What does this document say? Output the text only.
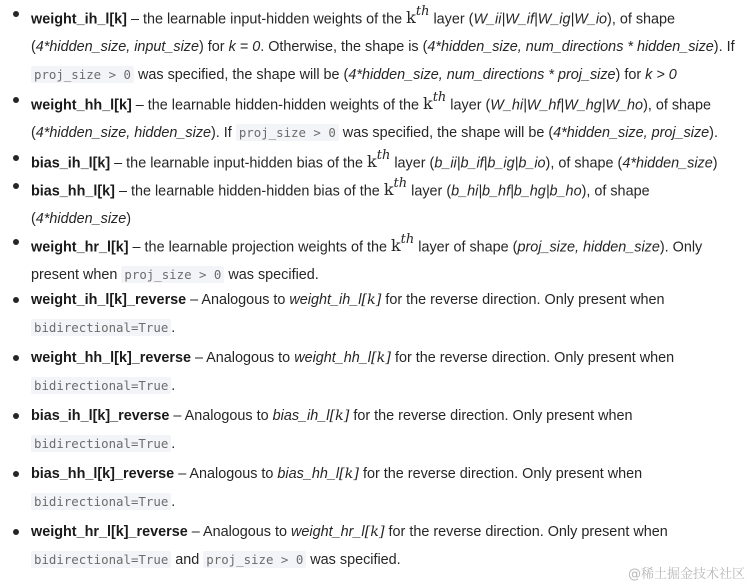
weight_ih_l[k] – the learnable input-hidden weights of the $k^{th}$ layer (W_ii|W_if|W_ig|W_io), of shape (4*hidden_size, input_size) for k = 0. Otherwise, the shape is (4*hidden_size, num_directions * hidden_size). If proj_size > 0 was specified, the shape will be (4*hidden_size, num_directions * proj_size) for k > 0
weight_hh_l[k] – the learnable hidden-hidden weights of the $k^{th}$ layer (W_hi|W_hf|W_hg|W_ho), of shape (4*hidden_size, hidden_size). If proj_size > 0 was specified, the shape will be (4*hidden_size, proj_size).
bias_ih_l[k] – the learnable input-hidden bias of the $k^{th}$ layer (b_ii|b_if|b_ig|b_io), of shape (4*hidden_size)
bias_hh_l[k] – the learnable hidden-hidden bias of the $k^{th}$ layer (b_hi|b_hf|b_hg|b_ho), of shape (4*hidden_size)
weight_hr_l[k] – the learnable projection weights of the $k^{th}$ layer of shape (proj_size, hidden_size). Only present when proj_size > 0 was specified.
weight_ih_l[k]_reverse – Analogous to weight_ih_l[k] for the reverse direction. Only present when bidirectional=True .
weight_hh_l[k]_reverse – Analogous to weight_hh_l[k] for the reverse direction. Only present when bidirectional=True .
bias_ih_l[k]_reverse – Analogous to bias_ih_l[k] for the reverse direction. Only present when bidirectional=True .
bias_hh_l[k]_reverse – Analogous to bias_hh_l[k] for the reverse direction. Only present when bidirectional=True .
weight_hr_l[k]_reverse – Analogous to weight_hr_l[k] for the reverse direction. Only present when bidirectional=True and proj_size > 0 was specified.
@稀土掘金技术社区
